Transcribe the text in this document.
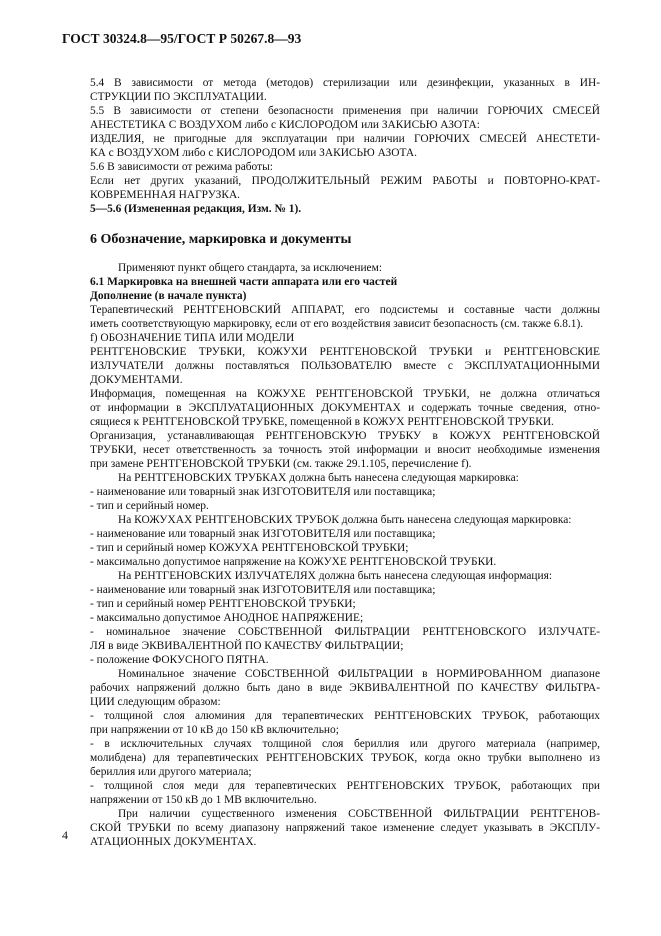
ГОСТ 30324.8—95/ГОСТ Р 50267.8—93
5.4 В зависимости от метода (методов) стерилизации или дезинфекции, указанных в ИН-
СТРУКЦИИ ПО ЭКСПЛУАТАЦИИ.
5.5 В зависимости от степени безопасности применения при наличии ГОРЮЧИХ СМЕСЕЙ
АНЕСТЕТИКА С ВОЗДУХОМ либо с КИСЛОРОДОМ или ЗАКИСЬЮ АЗОТА:
ИЗДЕЛИЯ, не пригодные для эксплуатации при наличии ГОРЮЧИХ СМЕСЕЙ АНЕСТЕТИ-
КА с ВОЗДУХОМ либо с КИСЛОРОДОМ или ЗАКИСЬЮ АЗОТА.
5.6 В зависимости от режима работы:
Если нет других указаний, ПРОДОЛЖИТЕЛЬНЫЙ РЕЖИМ РАБОТЫ и ПОВТОРНО-КРАТ-
КОВРЕМЕННАЯ НАГРУЗКА.
5—5.6 (Измененная редакция, Изм. № 1).
6 Обозначение, маркировка и документы
Применяют пункт общего стандарта, за исключением:
6.1 Маркировка на внешней части аппарата или его частей
Дополнение (в начале пункта)
Терапевтический РЕНТГЕНОВСКИЙ АППАРАТ, его подсистемы и составные части должны
иметь соответствующую маркировку, если от его воздействия зависит безопасность (см. также 6.8.1).
f) ОБОЗНАЧЕНИЕ ТИПА ИЛИ МОДЕЛИ
РЕНТГЕНОВСКИЕ ТРУБКИ, КОЖУХИ РЕНТГЕНОВСКОЙ ТРУБКИ и РЕНТГЕНОВСКИЕ
ИЗЛУЧАТЕЛИ должны поставляться ПОЛЬЗОВАТЕЛЮ вместе с ЭКСПЛУАТАЦИОННЫМИ
ДОКУМЕНТАМИ.
Информация, помещенная на КОЖУХЕ РЕНТГЕНОВСКОЙ ТРУБКИ, не должна отличаться
от информации в ЭКСПЛУАТАЦИОННЫХ ДОКУМЕНТАХ и содержать точные сведения, отно-
сящиеся к РЕНТГЕНОВСКОЙ ТРУБКЕ, помещенной в КОЖУХ РЕНТГЕНОВСКОЙ ТРУБКИ.
Организация, устанавливающая РЕНТГЕНОВСКУЮ ТРУБКУ в КОЖУХ РЕНТГЕНОВСКОЙ
ТРУБКИ, несет ответственность за точность этой информации и вносит необходимые изменения
при замене РЕНТГЕНОВСКОЙ ТРУБКИ (см. также 29.1.105, перечисление f).
На РЕНТГЕНОВСКИХ ТРУБКАХ должна быть нанесена следующая маркировка:
- наименование или товарный знак ИЗГОТОВИТЕЛЯ или поставщика;
- тип и серийный номер.
На КОЖУХАХ РЕНТГЕНОВСКИХ ТРУБОК должна быть нанесена следующая маркировка:
- наименование или товарный знак ИЗГОТОВИТЕЛЯ или поставщика;
- тип и серийный номер КОЖУХА РЕНТГЕНОВСКОЙ ТРУБКИ;
- максимально допустимое напряжение на КОЖУХЕ РЕНТГЕНОВСКОЙ ТРУБКИ.
На РЕНТГЕНОВСКИХ ИЗЛУЧАТЕЛЯХ должна быть нанесена следующая информация:
- наименование или товарный знак ИЗГОТОВИТЕЛЯ или поставщика;
- тип и серийный номер РЕНТГЕНОВСКОЙ ТРУБКИ;
- максимально допустимое АНОДНОЕ НАПРЯЖЕНИЕ;
- номинальное значение СОБСТВЕННОЙ ФИЛЬТРАЦИИ РЕНТГЕНОВСКОГО ИЗЛУЧАТЕ-
ЛЯ в виде ЭКВИВАЛЕНТНОЙ ПО КАЧЕСТВУ ФИЛЬТРАЦИИ;
- положение ФОКУСНОГО ПЯТНА.
Номинальное значение СОБСТВЕННОЙ ФИЛЬТРАЦИИ в НОРМИРОВАННОМ диапазоне
рабочих напряжений должно быть дано в виде ЭКВИВАЛЕНТНОЙ ПО КАЧЕСТВУ ФИЛЬТРА-
ЦИИ следующим образом:
- толщиной слоя алюминия для терапевтических РЕНТГЕНОВСКИХ ТРУБОК, работающих
при напряжении от 10 кВ до 150 кВ включительно;
- в исключительных случаях толщиной слоя бериллия или другого материала (например,
молибдена) для терапевтических РЕНТГЕНОВСКИХ ТРУБОК, когда окно трубки выполнено из
бериллия или другого материала;
- толщиной слоя меди для терапевтических РЕНТГЕНОВСКИХ ТРУБОК, работающих при
напряжении от 150 кВ до 1 МВ включительно.
При наличии существенного изменения СОБСТВЕННОЙ ФИЛЬТРАЦИИ РЕНТГЕНОВ-
СКОЙ ТРУБКИ по всему диапазону напряжений такое изменение следует указывать в ЭКСПЛУ-
АТАЦИОННЫХ ДОКУМЕНТАХ.
4
